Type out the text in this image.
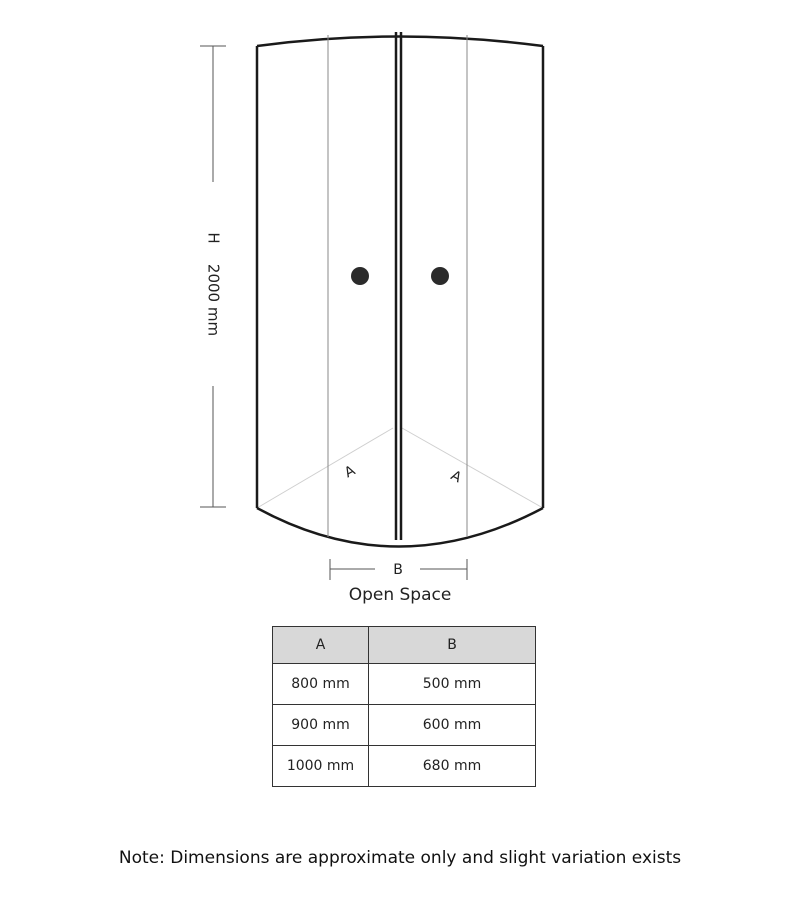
H
2000 mm
A	A
B
Open Space
A	B
800 mm	500 mm
900 mm	600 mm
1000 mm	680 mm
Note: Dimensions are approximate only and slight variation exists
